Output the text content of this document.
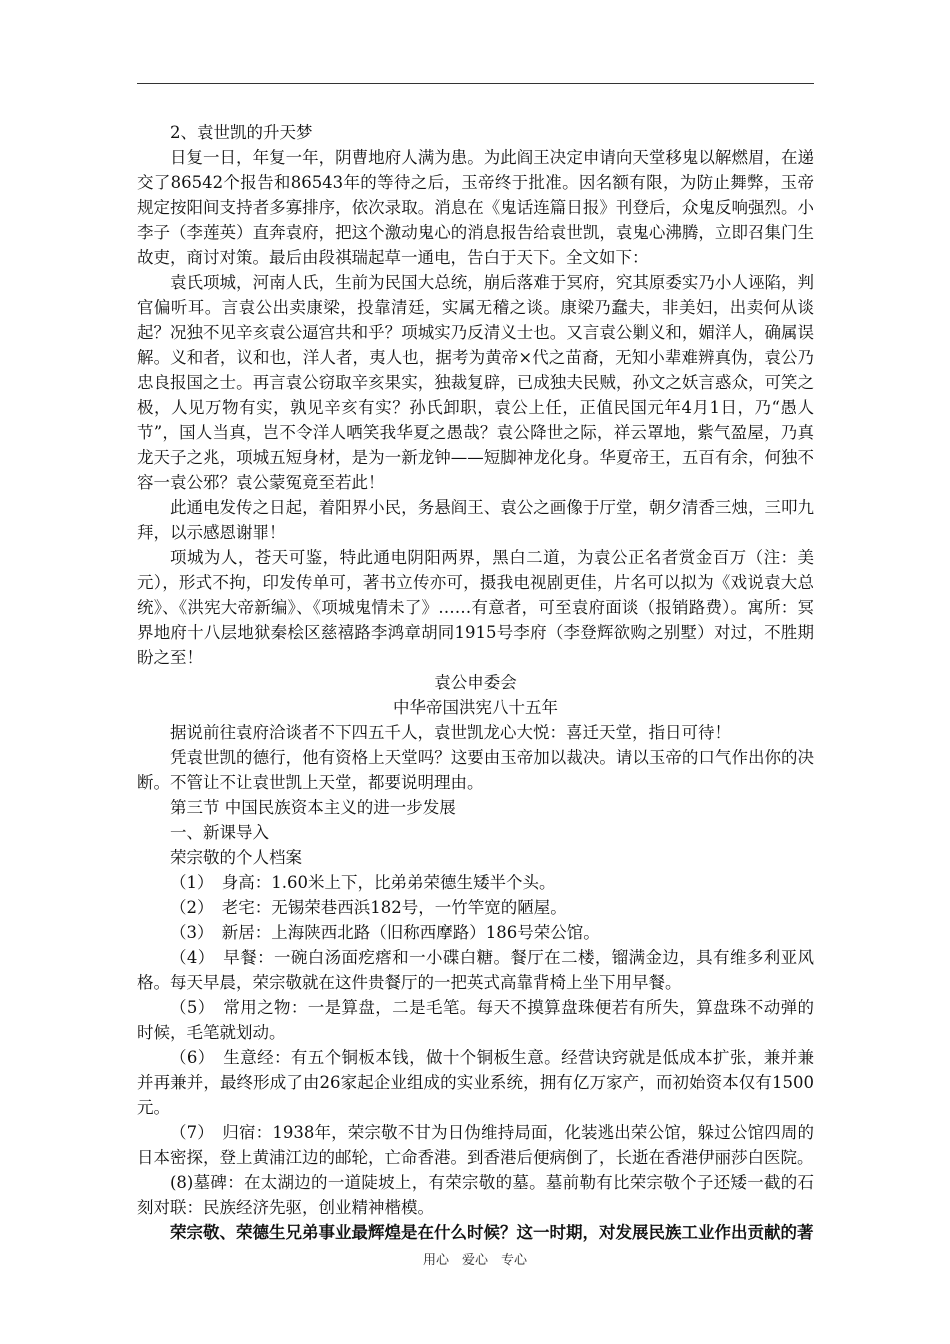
2、袁世凯的升天梦

日复一日，年复一年，阴曹地府人满为患。为此阎王决定申请向天堂移鬼以解燃眉，在递交了86542个报告和86543年的等待之后，玉帝终于批准。因名额有限，为防止舞弊，玉帝规定按阳间支持者多寡排序，依次录取。消息在《鬼话连篇日报》刊登后，众鬼反响强烈。小李子（李莲英）直奔袁府，把这个激动鬼心的消息报告给袁世凯，袁鬼心沸腾，立即召集门生故吏，商讨对策。最后由段祺瑞起草一通电，告白于天下。全文如下：

袁氏项城，河南人氏，生前为民国大总统，崩后落难于冥府，究其原委实乃小人诬陷，判官偏听耳。言袁公出卖康梁，投靠清廷，实属无稽之谈。康梁乃蠢夫，非美妇，出卖何从谈起？况独不见辛亥袁公逼宫共和乎？项城实乃反清义士也。又言袁公剿义和，媚洋人，确属误解。义和者，议和也，洋人者，夷人也，据考为黄帝×代之苗裔，无知小辈难辨真伪，袁公乃忠良报国之士。再言袁公窃取辛亥果实，独裁复辟，已成独夫民贼，孙文之妖言惑众，可笑之极，人见万物有实，孰见辛亥有实？孙氏卸职，袁公上任，正值民国元年4月1日，乃“愚人节”，国人当真，岂不令洋人哂笑我华夏之愚哉？袁公降世之际，祥云罩地，紫气盈屋，乃真龙天子之兆，项城五短身材，是为一新龙钟——短脚神龙化身。华夏帝王，五百有余，何独不容一袁公邪？袁公蒙冤竟至若此！

此通电发传之日起，着阳界小民，务悬阎王、袁公之画像于厅堂，朝夕清香三烛，三叩九拜，以示感恩谢罪！

项城为人，苍天可鉴，特此通电阴阳两界，黑白二道，为袁公正名者赏金百万（注：美元），形式不拘，印发传单可，著书立传亦可，摄我电视剧更佳，片名可以拟为《戏说袁大总统》、《洪宪大帝新编》、《项城鬼情未了》……有意者，可至袁府面谈（报销路费）。寓所：冥界地府十八层地狱秦桧区慈禧路李鸿章胡同1915号李府（李登辉欲购之别墅）对过，不胜期盼之至！

袁公申委会

中华帝国洪宪八十五年

据说前往袁府洽谈者不下四五千人，袁世凯龙心大悦：喜迁天堂，指日可待！

凭袁世凯的德行，他有资格上天堂吗？这要由玉帝加以裁决。请以玉帝的口气作出你的决断。不管让不让袁世凯上天堂，都要说明理由。

第三节 中国民族资本主义的进一步发展

一、新课导入

荣宗敬的个人档案

（1）　身高：1.60米上下，比弟弟荣德生矮半个头。

（2）　老宅：无锡荣巷西浜182号，一竹竿宽的陋屋。

（3）　新居：上海陕西北路（旧称西摩路）186号荣公馆。

（4）　早餐：一碗白汤面疙瘩和一小碟白糖。餐厅在二楼，镏满金边，具有维多利亚风格。每天早晨，荣宗敬就在这件贵餐厅的一把英式高靠背椅上坐下用早餐。

（5）　常用之物：一是算盘，二是毛笔。每天不摸算盘珠便若有所失，算盘珠不动弹的时候，毛笔就划动。

（6）　生意经：有五个铜板本钱，做十个铜板生意。经营诀窍就是低成本扩张，兼并兼并再兼并，最终形成了由26家起企业组成的实业系统，拥有亿万家产，而初始资本仅有1500元。

（7）　归宿：1938年，荣宗敬不甘为日伪维持局面，化装逃出荣公馆，躲过公馆四周的日本密探，登上黄浦江边的邮轮，亡命香港。到香港后便病倒了，长逝在香港伊丽莎白医院。

(8)墓碑：在太湖边的一道陡坡上，有荣宗敬的墓。墓前勒有比荣宗敬个子还矮一截的石刻对联：民族经济先驱，创业精神楷模。

荣宗敬、荣德生兄弟事业最辉煌是在什么时候？这一时期，对发展民族工业作出贡献的著

用心　爱心　专心
